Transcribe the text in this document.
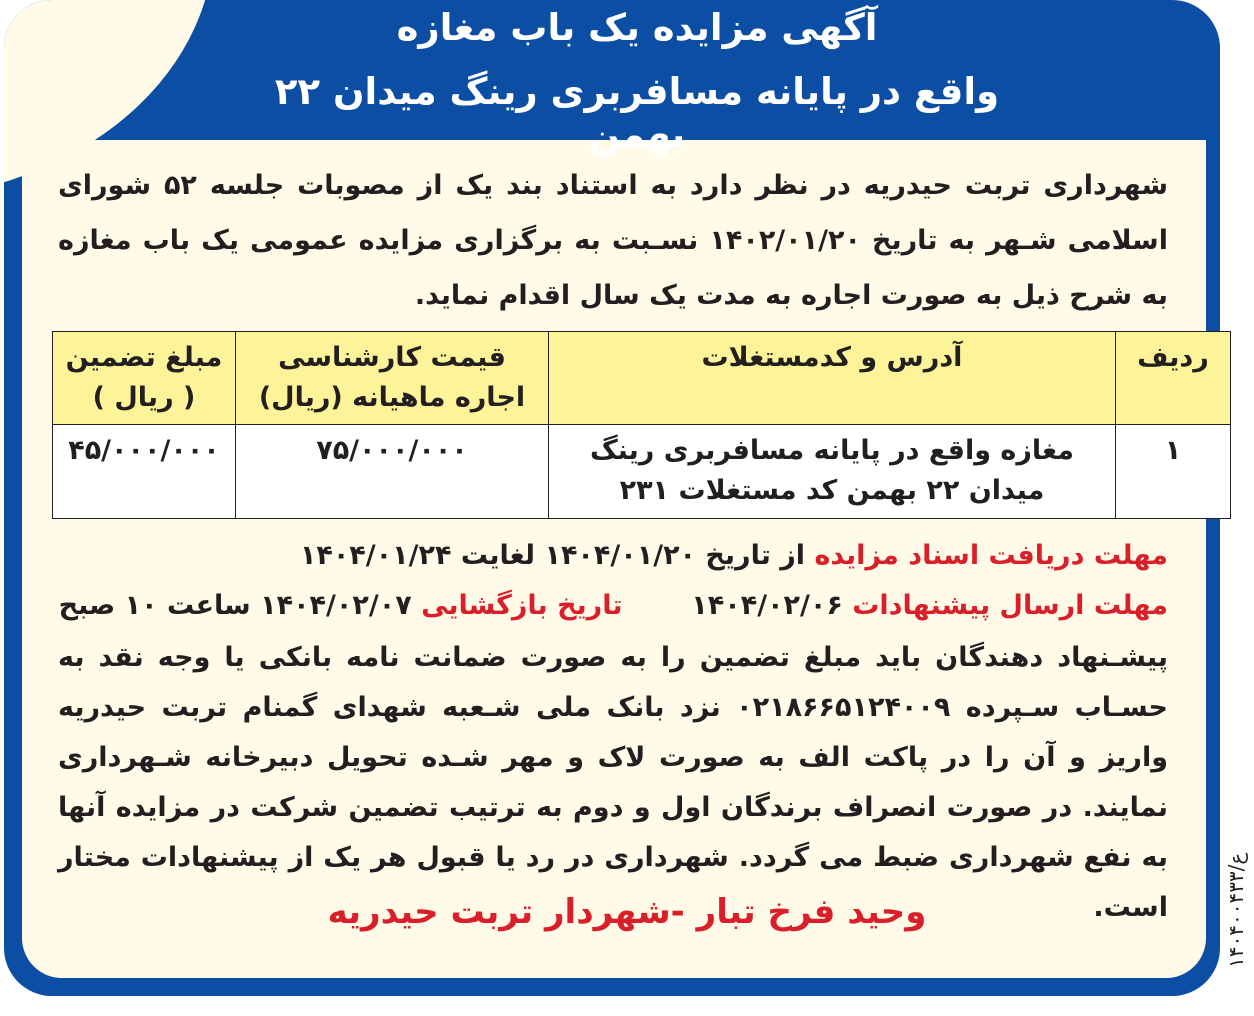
آگهی مزایده یک باب مغازه
واقع در پایانه مسافربری رینگ میدان ۲۲ بهمن

شهرداری تربت حیدریه در نظر دارد به استناد بند یک از مصوبات جلسه ۵۲ شورای اسلامی شـهر به تاریخ ۱۴۰۲/۰۱/۲۰ نسـبت به برگزاری مزایده عمومی یک باب مغازه به شرح ذیل به صورت اجاره به مدت یک سال اقدام نماید.

ردیف	آدرس و کدمستغلات	قیمت کارشناسی اجاره ماهیانه (ریال)	مبلغ تضمین ( ریال )
۱	مغازه واقع در پایانه مسافربری رینگ میدان ۲۲ بهمن کد مستغلات ۲۳۱	۷۵/۰۰۰/۰۰۰	۴۵/۰۰۰/۰۰۰

مهلت دریافت اسناد مزایده از تاریخ ۱۴۰۴/۰۱/۲۰ لغایت ۱۴۰۴/۰۱/۲۴

مهلت ارسال پیشنهادات ۱۴۰۴/۰۲/۰۶  تاریخ بازگشایی ۱۴۰۴/۰۲/۰۷ ساعت ۱۰ صبح

پیشـنهاد دهندگان باید مبلغ تضمین را به صورت ضمانت نامه بانکی یا وجه نقد به حسـاب سـپرده ۰۲۱۸۶۶۵۱۲۴۰۰۹ نزد بانک ملی شـعبه شهدای گمنام تربت حیدریه واریز و آن را در پاکت الف به صورت لاک و مهر شـده تحویل دبیرخانه شـهرداری نمایند. در صورت انصراف برندگان اول و دوم به ترتیب تضمین شرکت در مزایده آنها به نفع شهرداری ضبط می گردد. شهرداری در رد یا قبول هر یک از پیشنهادات مختار است.

وحید فرخ تبار -شهردار تربت حیدریه	ع/۱۴۰۴۰۰۴۳۳
